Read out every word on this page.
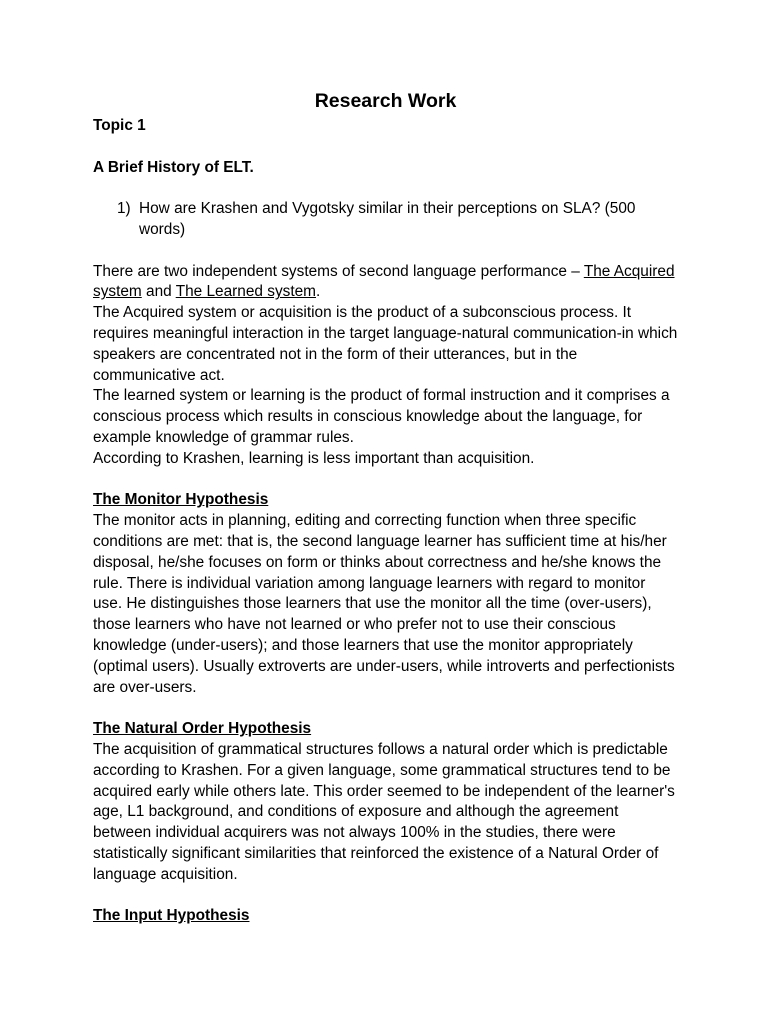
Research Work

Topic 1

A Brief History of ELT.

1) How are Krashen and Vygotsky similar in their perceptions on SLA? (500 words)

There are two independent systems of second language performance – The Acquired system and The Learned system.

The Acquired system or acquisition is the product of a subconscious process. It requires meaningful interaction in the target language-natural communication-in which speakers are concentrated not in the form of their utterances, but in the communicative act.

The learned system or learning is the product of formal instruction and it comprises a conscious process which results in conscious knowledge about the language, for example knowledge of grammar rules.

According to Krashen, learning is less important than acquisition.

The Monitor Hypothesis

The monitor acts in planning, editing and correcting function when three specific conditions are met: that is, the second language learner has sufficient time at his/her disposal, he/she focuses on form or thinks about correctness and he/she knows the rule. There is individual variation among language learners with regard to monitor use. He distinguishes those learners that use the monitor all the time (over-users), those learners who have not learned or who prefer not to use their conscious knowledge (under-users); and those learners that use the monitor appropriately (optimal users). Usually extroverts are under-users, while introverts and perfectionists are over-users.

The Natural Order Hypothesis

The acquisition of grammatical structures follows a natural order which is predictable according to Krashen. For a given language, some grammatical structures tend to be acquired early while others late. This order seemed to be independent of the learner's age, L1 background, and conditions of exposure and although the agreement between individual acquirers was not always 100% in the studies, there were statistically significant similarities that reinforced the existence of a Natural Order of language acquisition.

The Input Hypothesis
